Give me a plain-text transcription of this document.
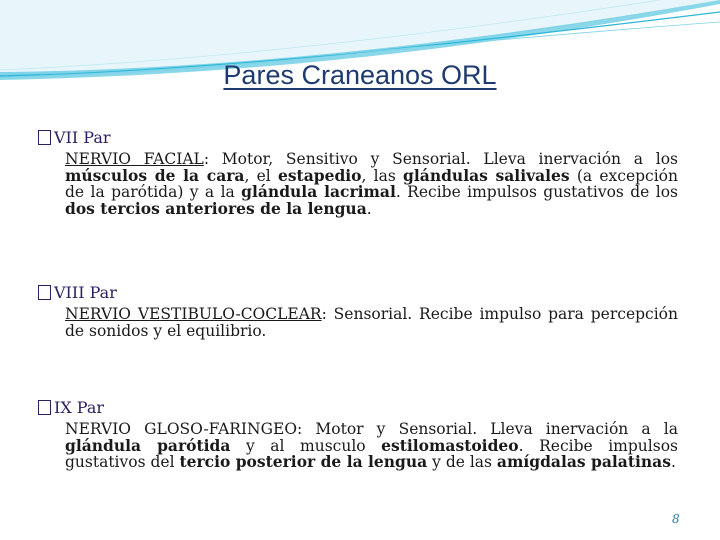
Pares Craneanos ORL
VII Par
NERVIO FACIAL: Motor, Sensitivo y Sensorial. Lleva inervación a los músculos de la cara, el estapedio, las glándulas salivales (a excepción de la parótida) y a la glándula lacrimal. Recibe impulsos gustativos de los dos tercios anteriores de la lengua.
VIII Par
NERVIO VESTIBULO-COCLEAR: Sensorial. Recibe impulso para percepción de sonidos y el equilibrio.
IX Par
NERVIO GLOSO-FARINGEO: Motor y Sensorial. Lleva inervación a la glándula parótida y al musculo estilomastoideo. Recibe impulsos gustativos del tercio posterior de la lengua y de las amígdalas palatinas.
8
